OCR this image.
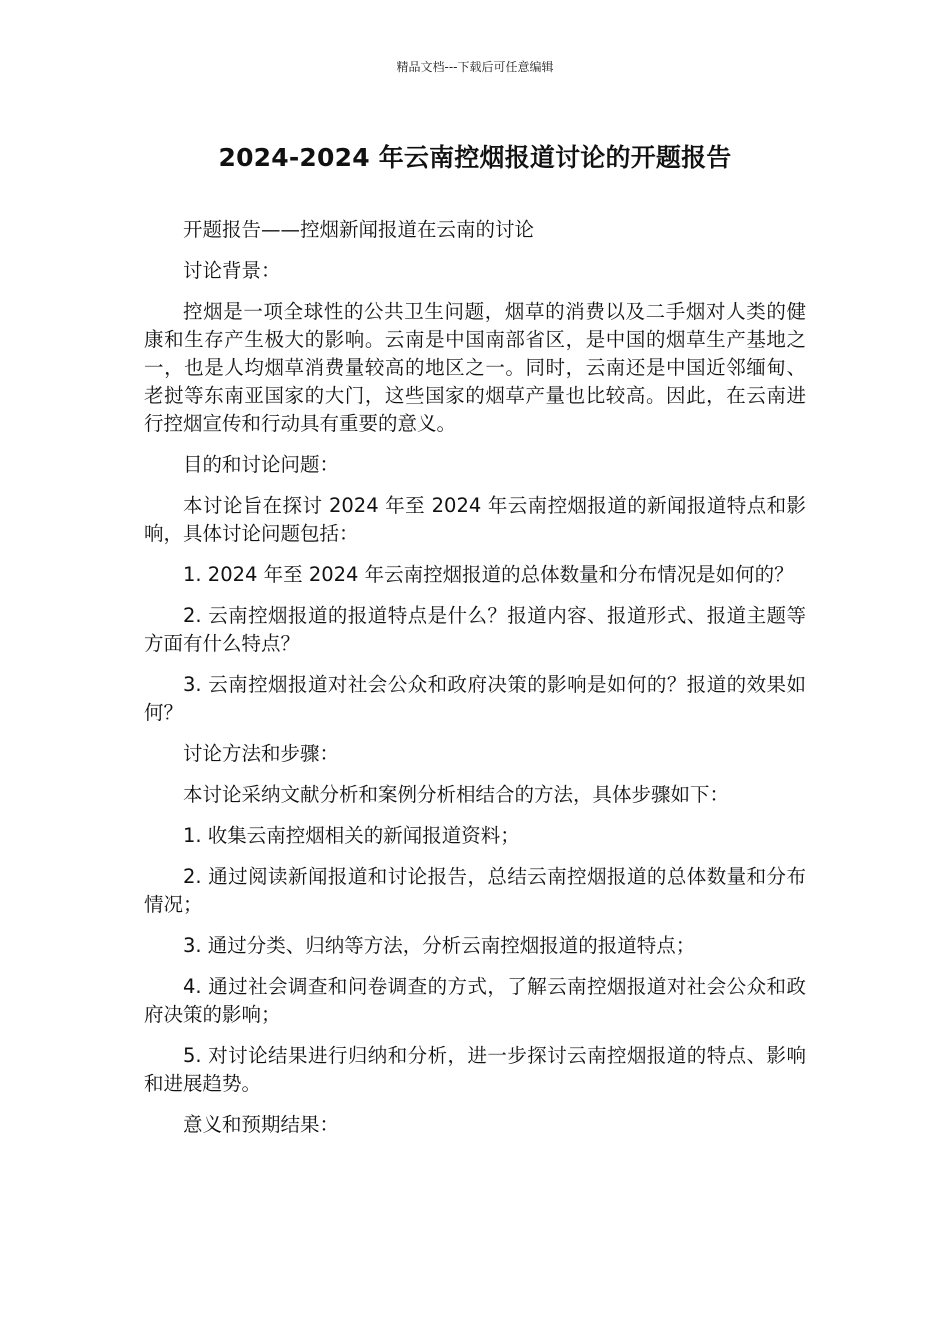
精品文档---下载后可任意编辑
2024-2024 年云南控烟报道讨论的开题报告

开题报告——控烟新闻报道在云南的讨论

讨论背景：

控烟是一项全球性的公共卫生问题，烟草的消费以及二手烟对人类的健康和生存产生极大的影响。云南是中国南部省区，是中国的烟草生产基地之一，也是人均烟草消费量较高的地区之一。同时，云南还是中国近邻缅甸、老挝等东南亚国家的大门，这些国家的烟草产量也比较高。因此，在云南进行控烟宣传和行动具有重要的意义。

目的和讨论问题：

本讨论旨在探讨 2024 年至 2024 年云南控烟报道的新闻报道特点和影响，具体讨论问题包括：

1. 2024 年至 2024 年云南控烟报道的总体数量和分布情况是如何的？

2. 云南控烟报道的报道特点是什么？报道内容、报道形式、报道主题等方面有什么特点？

3. 云南控烟报道对社会公众和政府决策的影响是如何的？报道的效果如何？

讨论方法和步骤：

本讨论采纳文献分析和案例分析相结合的方法，具体步骤如下：

1. 收集云南控烟相关的新闻报道资料；

2. 通过阅读新闻报道和讨论报告，总结云南控烟报道的总体数量和分布情况；

3. 通过分类、归纳等方法，分析云南控烟报道的报道特点；

4. 通过社会调查和问卷调查的方式，了解云南控烟报道对社会公众和政府决策的影响；

5. 对讨论结果进行归纳和分析，进一步探讨云南控烟报道的特点、影响和进展趋势。

意义和预期结果：
